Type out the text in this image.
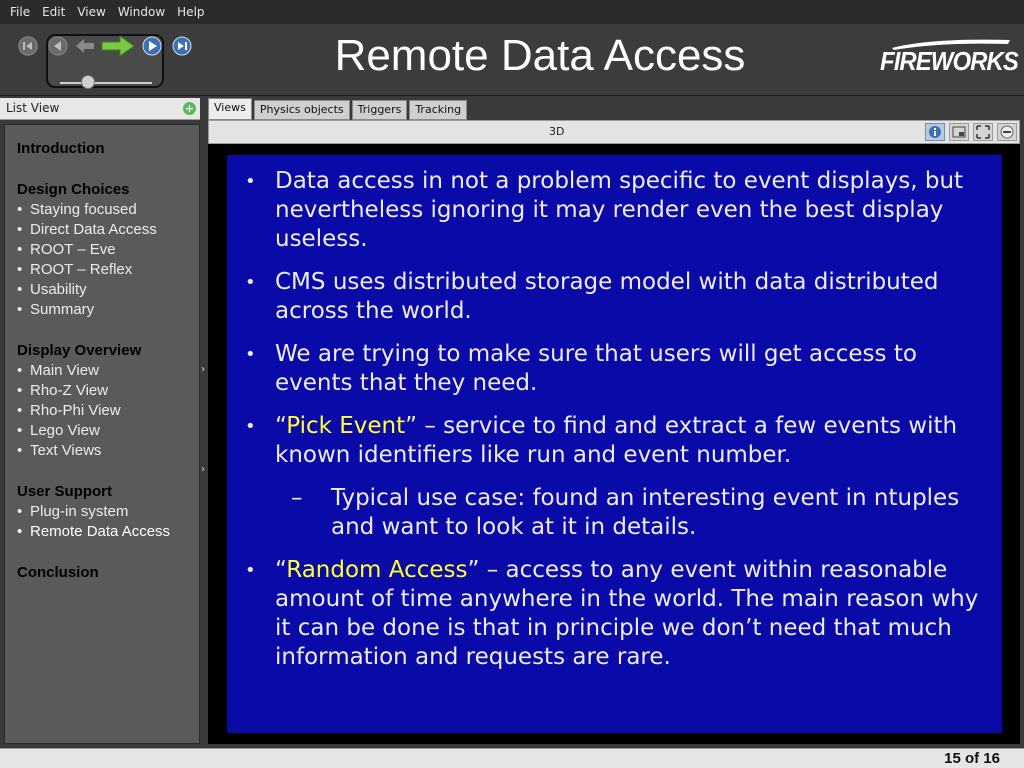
File	Edit	View	Window	Help
Remote Data Access	FIREWORKS
List View	+
Introduction
Design Choices
• Staying focused
• Direct Data Access
• ROOT – Eve
• ROOT – Reflex
• Usability
• Summary
Display Overview
• Main View
• Rho-Z View
• Rho-Phi View
• Lego View
• Text Views
User Support
• Plug-in system
• Remote Data Access
Conclusion
›
›
Views	Physics objects	Triggers	Tracking
3D
• Data access in not a problem specific to event displays, but nevertheless ignoring it may render even the best display useless.
• CMS uses distributed storage model with data distributed across the world.
• We are trying to make sure that users will get access to events that they need.
• “Pick Event” – service to find and extract a few events with known identifiers like run and event number.
–	Typical use case: found an interesting event in ntuples and want to look at it in details.
• “Random Access” – access to any event within reasonable amount of time anywhere in the world. The main reason why it can be done is that in principle we don’t need that much information and requests are rare.
15 of 16
